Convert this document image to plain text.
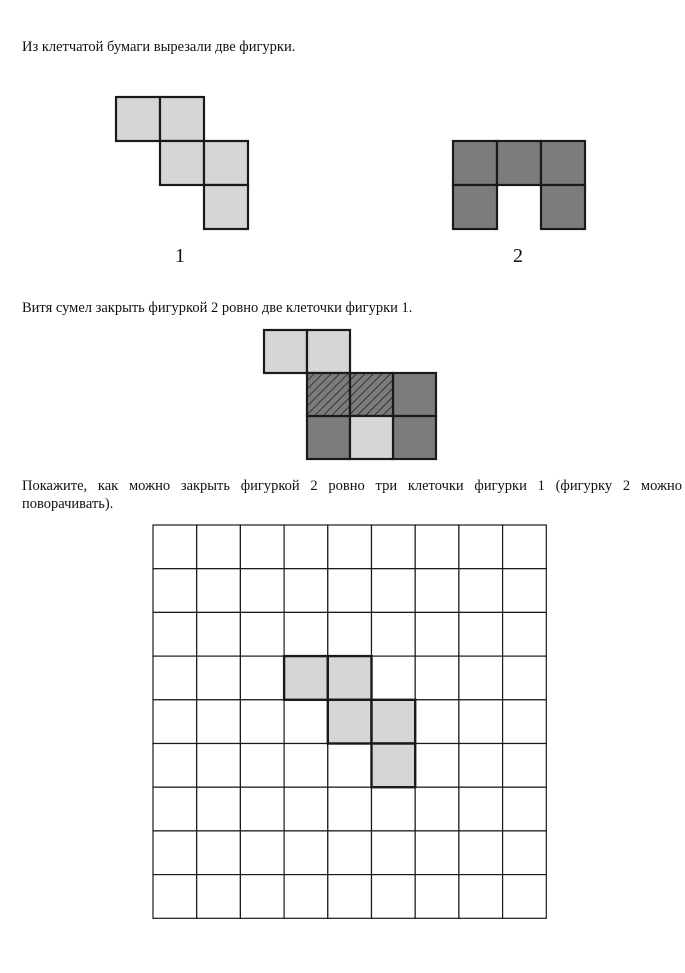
Из клетчатой бумаги вырезали две фигурки.

1	2

Витя сумел закрыть фигуркой 2 ровно две клеточки фигурки 1.

Покажите, как можно закрыть фигуркой 2 ровно три клеточки фигурки 1 (фигурку 2 можно поворачивать).
